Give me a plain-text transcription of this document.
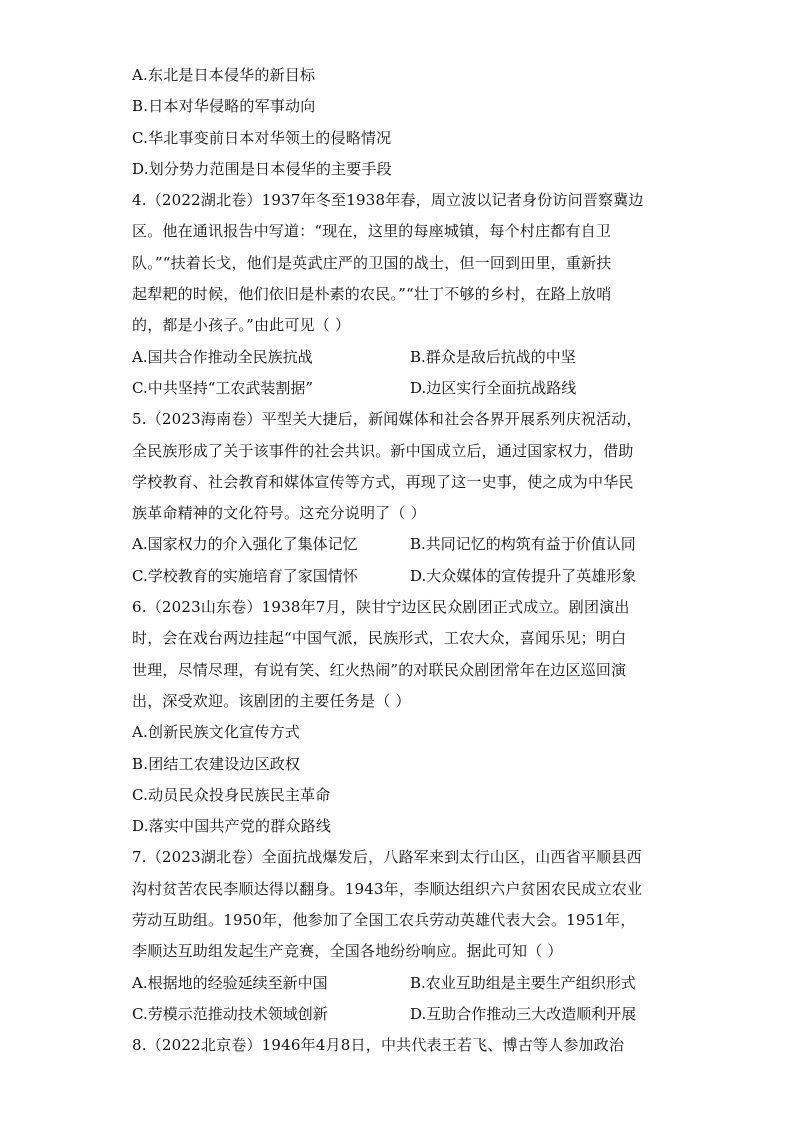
A.东北是日本侵华的新目标
B.日本对华侵略的军事动向
C.华北事变前日本对华领土的侵略情况
D.划分势力范围是日本侵华的主要手段
4.（2022湖北卷）1937年冬至1938年春，周立波以记者身份访问晋察冀边
区。他在通讯报告中写道：“现在，这里的每座城镇，每个村庄都有自卫
队。”“扶着长戈，他们是英武庄严的卫国的战士，但一回到田里，重新扶
起犁耙的时候，他们依旧是朴素的农民。”“壮丁不够的乡村，在路上放哨
的，都是小孩子。”由此可见（ ）
A.国共合作推动全民族抗战	B.群众是敌后抗战的中坚
C.中共坚持“工农武装割据”	D.边区实行全面抗战路线
5.（2023海南卷）平型关大捷后，新闻媒体和社会各界开展系列庆祝活动，
全民族形成了关于该事件的社会共识。新中国成立后，通过国家权力，借助
学校教育、社会教育和媒体宣传等方式，再现了这一史事，使之成为中华民
族革命精神的文化符号。这充分说明了（ ）
A.国家权力的介入强化了集体记忆	B.共同记忆的构筑有益于价值认同
C.学校教育的实施培育了家国情怀	D.大众媒体的宣传提升了英雄形象
6.（2023山东卷）1938年7月，陕甘宁边区民众剧团正式成立。剧团演出
时，会在戏台两边挂起“中国气派，民族形式，工农大众，喜闻乐见；明白
世理，尽情尽理，有说有笑、红火热闹”的对联民众剧团常年在边区巡回演
出，深受欢迎。该剧团的主要任务是（ ）
A.创新民族文化宣传方式
B.团结工农建设边区政权
C.动员民众投身民族民主革命
D.落实中国共产党的群众路线
7.（2023湖北卷）全面抗战爆发后，八路军来到太行山区，山西省平顺县西
沟村贫苦农民李顺达得以翻身。1943年，李顺达组织六户贫困农民成立农业
劳动互助组。1950年，他参加了全国工农兵劳动英雄代表大会。1951年，
李顺达互助组发起生产竞赛，全国各地纷纷响应。据此可知（ ）
A.根据地的经验延续至新中国	B.农业互助组是主要生产组织形式
C.劳模示范推动技术领域创新	D.互助合作推动三大改造顺利开展
8.（2022北京卷）1946年4月8日，中共代表王若飞、博古等人参加政治
